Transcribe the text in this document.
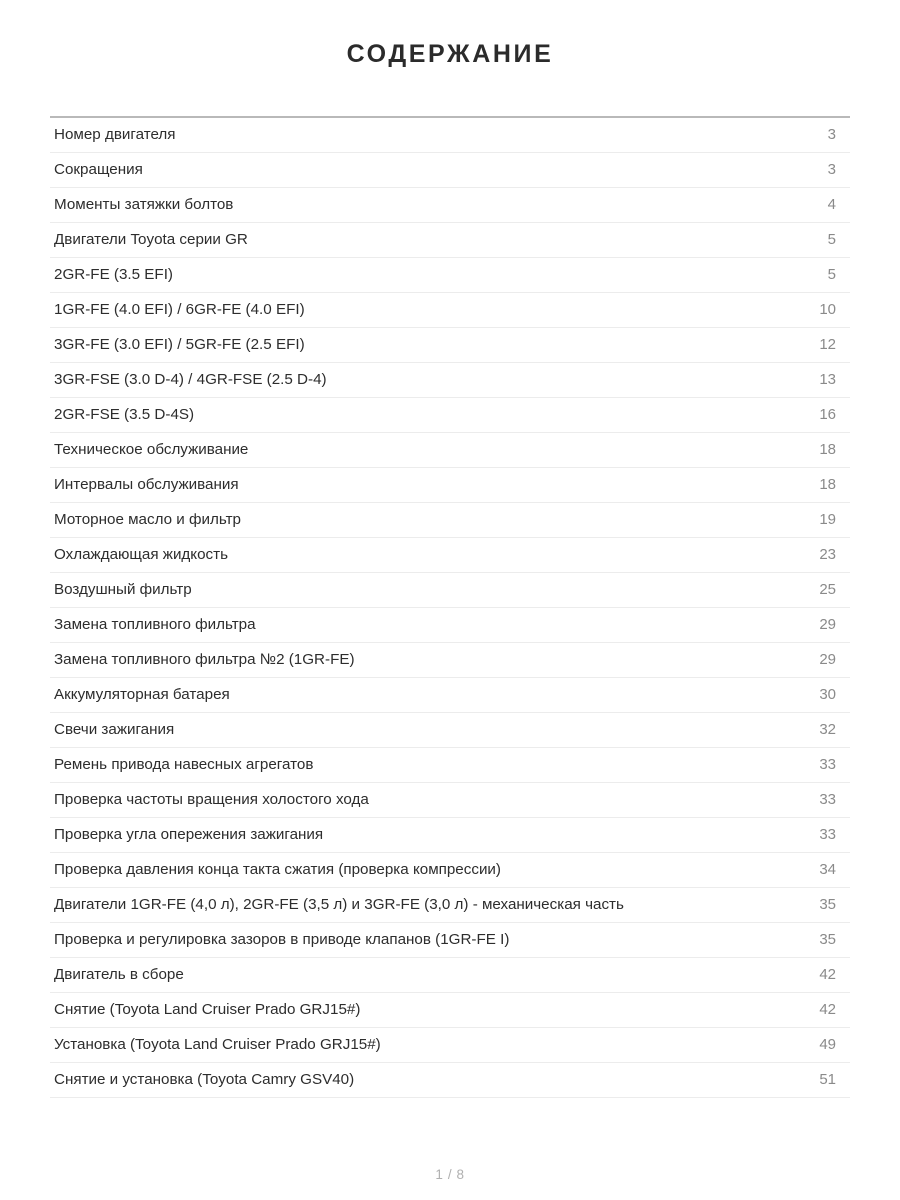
СОДЕРЖАНИЕ
Номер двигателя	3
Сокращения	3
Моменты затяжки болтов	4
Двигатели Toyota серии GR	5
2GR-FE (3.5 EFI)	5
1GR-FE (4.0 EFI) / 6GR-FE (4.0 EFI)	10
3GR-FE (3.0 EFI) / 5GR-FE (2.5 EFI)	12
3GR-FSE (3.0 D-4) / 4GR-FSE (2.5 D-4)	13
2GR-FSE (3.5 D-4S)	16
Техническое обслуживание	18
Интервалы обслуживания	18
Моторное масло и фильтр	19
Охлаждающая жидкость	23
Воздушный фильтр	25
Замена топливного фильтра	29
Замена топливного фильтра №2 (1GR-FE)	29
Аккумуляторная батарея	30
Свечи зажигания	32
Ремень привода навесных агрегатов	33
Проверка частоты вращения холостого хода	33
Проверка угла опережения зажигания	33
Проверка давления конца такта сжатия (проверка компрессии)	34
Двигатели 1GR-FE (4,0 л), 2GR-FE (3,5 л) и 3GR-FE (3,0 л) - механическая часть	35
Проверка и регулировка зазоров в приводе клапанов (1GR-FE I)	35
Двигатель в сборе	42
Снятие (Toyota Land Cruiser Prado GRJ15#)	42
Установка (Toyota Land Cruiser Prado GRJ15#)	49
Снятие и установка (Toyota Camry GSV40)	51
1 / 8
